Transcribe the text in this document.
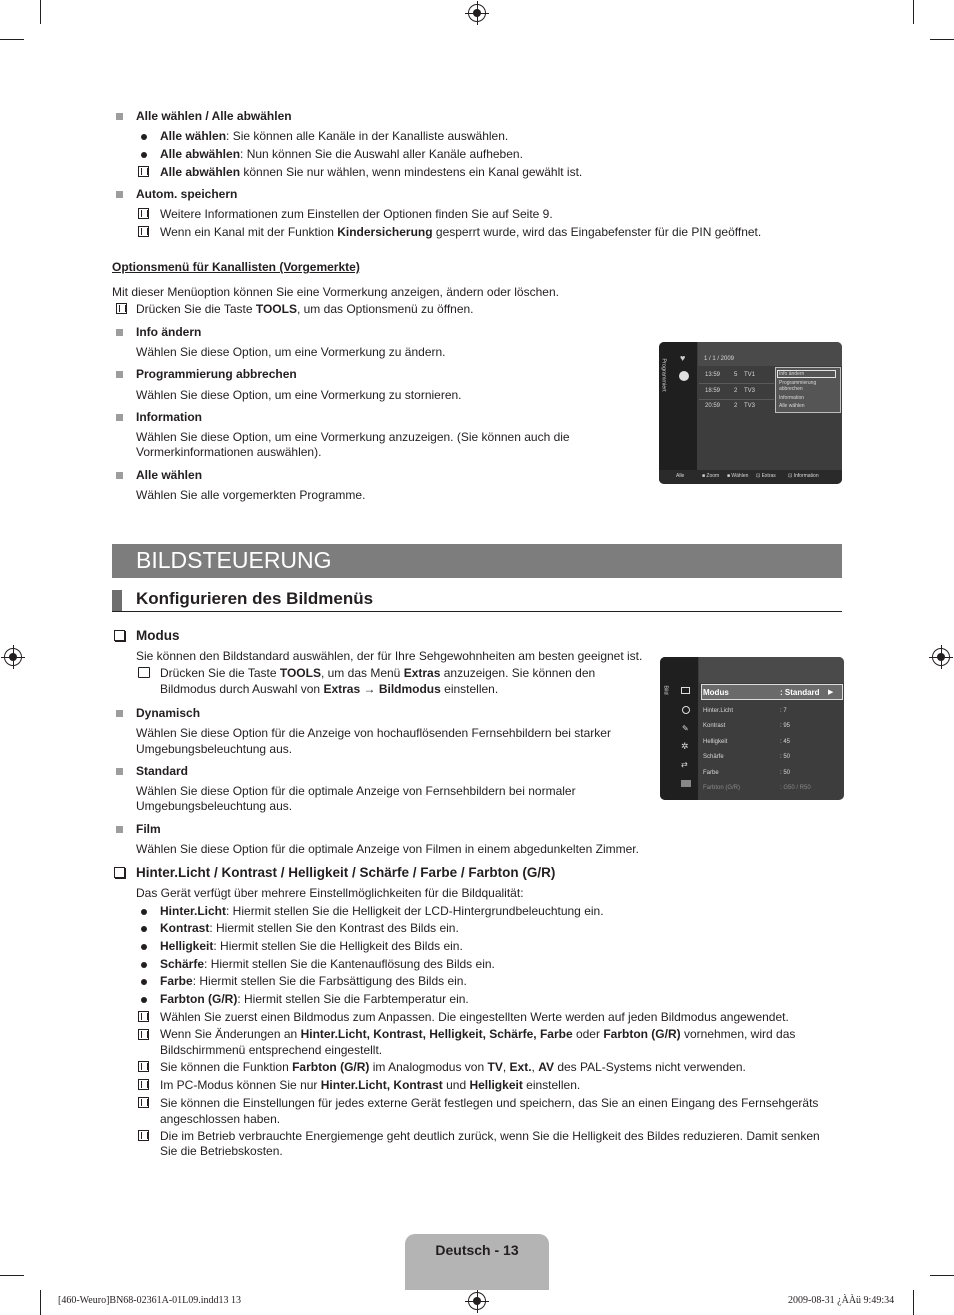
Alle wählen / Alle abwählen
Alle wählen: Sie können alle Kanäle in der Kanalliste auswählen.
Alle abwählen: Nun können Sie die Auswahl aller Kanäle aufheben.
Alle abwählen können Sie nur wählen, wenn mindestens ein Kanal gewählt ist.
Autom. speichern
Weitere Informationen zum Einstellen der Optionen finden Sie auf Seite 9.
Wenn ein Kanal mit der Funktion Kindersicherung gesperrt wurde, wird das Eingabefenster für die PIN geöffnet.
Optionsmenü für Kanallisten (Vorgemerkte)
Mit dieser Menüoption können Sie eine Vormerkung anzeigen, ändern oder löschen.
Drücken Sie die Taste TOOLS, um das Optionsmenü zu öffnen.
Info ändern
Wählen Sie diese Option, um eine Vormerkung zu ändern.
Programmierung abbrechen
Wählen Sie diese Option, um eine Vormerkung zu stornieren.
Information
Wählen Sie diese Option, um eine Vormerkung anzuzeigen. (Sie können auch die
Vormerkinformationen auswählen).
Alle wählen
Wählen Sie alle vorgemerkten Programme.
Programmiert
♥	1 / 1 / 2009
13:59 5 TV1
18:59 2 TV3
20:59 2 TV3
Info ändern
Programmierung
abbrechen
Information
Alle wählen
Alle	■ Zoom ■ Wählen ⊡ Extras ⊡ Information
BILDSTEUERUNG
Konfigurieren des Bildmenüs
Modus
Sie können den Bildstandard auswählen, der für Ihre Sehgewohnheiten am besten geeignet ist.
Drücken Sie die Taste TOOLS, um das Menü Extras anzuzeigen. Sie können den
Bildmodus durch Auswahl von Extras → Bildmodus einstellen.
Dynamisch
Wählen Sie diese Option für die Anzeige von hochauflösenden Fernsehbildern bei starker
Umgebungsbeleuchtung aus.
Standard
Wählen Sie diese Option für die optimale Anzeige von Fernsehbildern bei normaler
Umgebungsbeleuchtung aus.
Film
Wählen Sie diese Option für die optimale Anzeige von Filmen in einem abgedunkelten Zimmer.
Bild
✎
✲
⇄
Modus	: Standard ▶
Hinter.Licht	: 7
Kontrast	: 95
Helligkeit	: 45
Schärfe	: 50
Farbe	: 50
Farbton (G/R)	: G50 / R50
Hinter.Licht / Kontrast / Helligkeit / Schärfe / Farbe / Farbton (G/R)
Das Gerät verfügt über mehrere Einstellmöglichkeiten für die Bildqualität:
Hinter.Licht: Hiermit stellen Sie die Helligkeit der LCD-Hintergrundbeleuchtung ein.
Kontrast: Hiermit stellen Sie den Kontrast des Bilds ein.
Helligkeit: Hiermit stellen Sie die Helligkeit des Bilds ein.
Schärfe: Hiermit stellen Sie die Kantenauflösung des Bilds ein.
Farbe: Hiermit stellen Sie die Farbsättigung des Bilds ein.
Farbton (G/R): Hiermit stellen Sie die Farbtemperatur ein.
Wählen Sie zuerst einen Bildmodus zum Anpassen. Die eingestellten Werte werden auf jeden Bildmodus angewendet.
Wenn Sie Änderungen an Hinter.Licht, Kontrast, Helligkeit, Schärfe, Farbe oder Farbton (G/R) vornehmen, wird das
Bildschirmmenü entsprechend eingestellt.
Sie können die Funktion Farbton (G/R) im Analogmodus von TV, Ext., AV des PAL-Systems nicht verwenden.
Im PC-Modus können Sie nur Hinter.Licht, Kontrast und Helligkeit einstellen.
Sie können die Einstellungen für jedes externe Gerät festlegen und speichern, das Sie an einen Eingang des Fernsehgeräts
angeschlossen haben.
Die im Betrieb verbrauchte Energiemenge geht deutlich zurück, wenn Sie die Helligkeit des Bildes reduzieren. Damit senken
Sie die Betriebskosten.
Deutsch - 13
[460-Weuro]BN68-02361A-01L09.indd13 13	2009-08-31 ¿ÀÀü 9:49:34
